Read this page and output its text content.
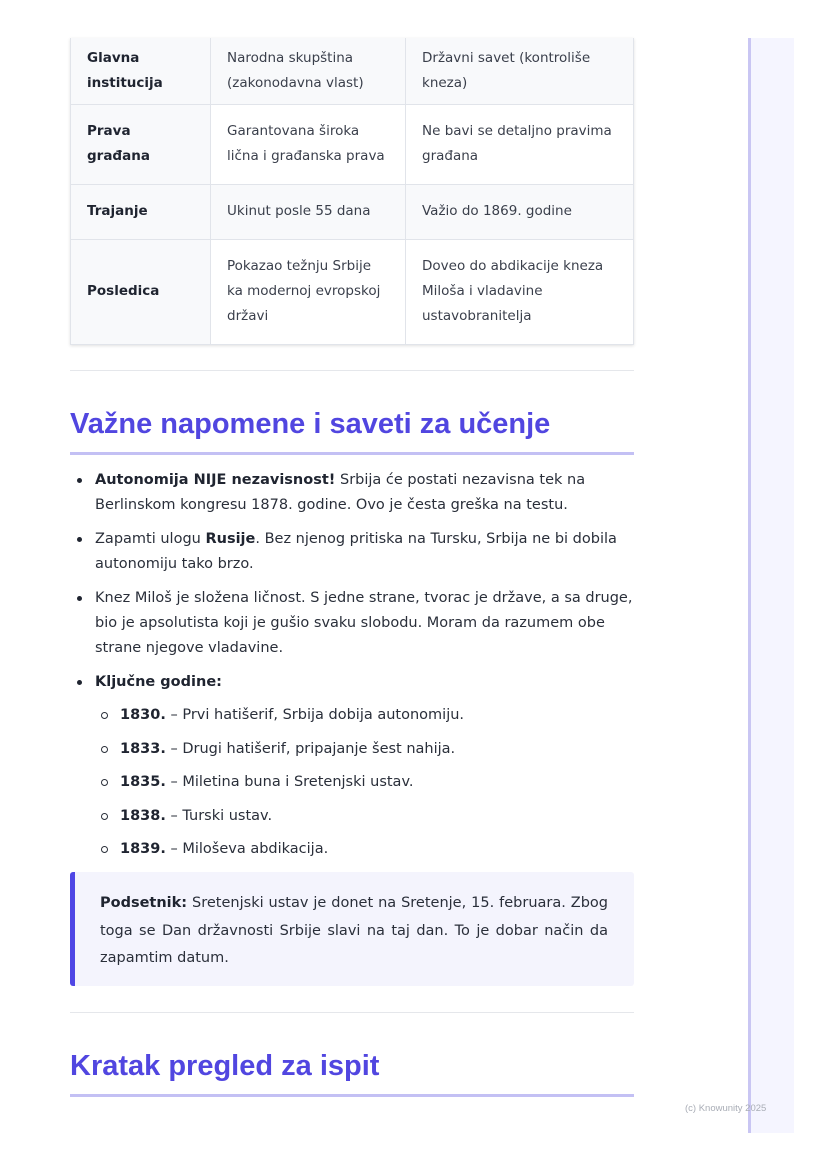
Glavna institucija	Narodna skupština (zakonodavna vlast)	Državni savet (kontroliše kneza)
Prava građana	Garantovana široka lična i građanska prava	Ne bavi se detaljno pravima građana
Trajanje	Ukinut posle 55 dana	Važio do 1869. godine
Posledica	Pokazao težnju Srbije ka modernoj evropskoj državi	Doveo do abdikacije kneza Miloša i vladavine ustavobranitelja
Važne napomene i saveti za učenje
Autonomija NIJE nezavisnost! Srbija će postati nezavisna tek na Berlinskom kongresu 1878. godine. Ovo je česta greška na testu.
Zapamti ulogu Rusije. Bez njenog pritiska na Tursku, Srbija ne bi dobila autonomiju tako brzo.
Knez Miloš je složena ličnost. S jedne strane, tvorac je države, a sa druge, bio je apsolutista koji je gušio svaku slobodu. Moram da razumem obe strane njegove vladavine.
Ključne godine:
1830. – Prvi hatišerif, Srbija dobija autonomiju.
1833. – Drugi hatišerif, pripajanje šest nahija.
1835. – Miletina buna i Sretenjski ustav.
1838. – Turski ustav.
1839. – Miloševa abdikacija.
Podsetnik: Sretenjski ustav je donet na Sretenje, 15. februara. Zbog toga se Dan državnosti Srbije slavi na taj dan. To je dobar način da zapamtim datum.
Kratak pregled za ispit
(c) Knowunity 2025
